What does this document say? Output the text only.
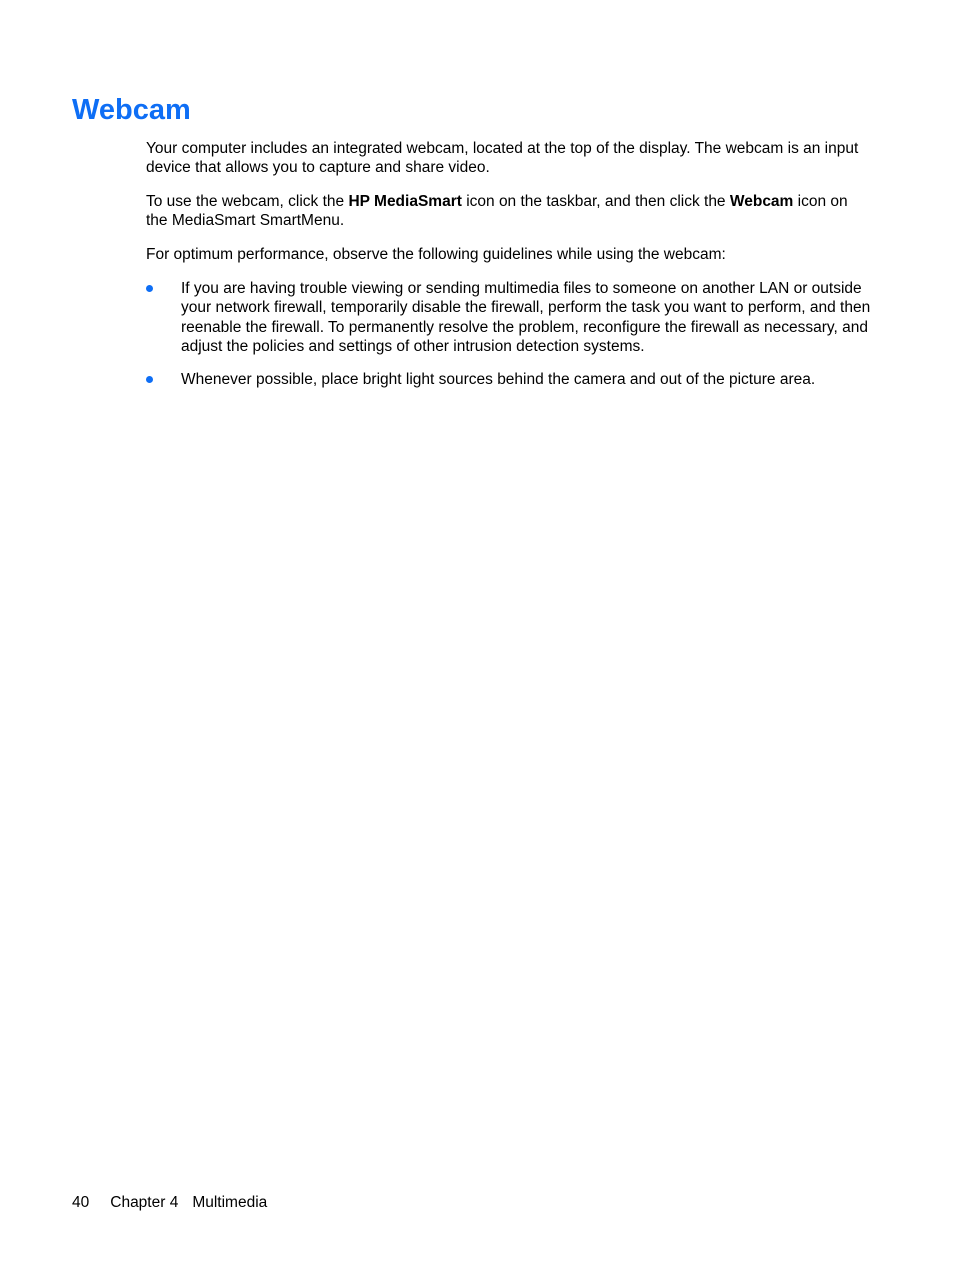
Webcam

Your computer includes an integrated webcam, located at the top of the display. The webcam is an input device that allows you to capture and share video.

To use the webcam, click the HP MediaSmart icon on the taskbar, and then click the Webcam icon on the MediaSmart SmartMenu.

For optimum performance, observe the following guidelines while using the webcam:

If you are having trouble viewing or sending multimedia files to someone on another LAN or outside your network firewall, temporarily disable the firewall, perform the task you want to perform, and then reenable the firewall. To permanently resolve the problem, reconfigure the firewall as necessary, and adjust the policies and settings of other intrusion detection systems.
Whenever possible, place bright light sources behind the camera and out of the picture area.
40 Chapter 4 Multimedia
